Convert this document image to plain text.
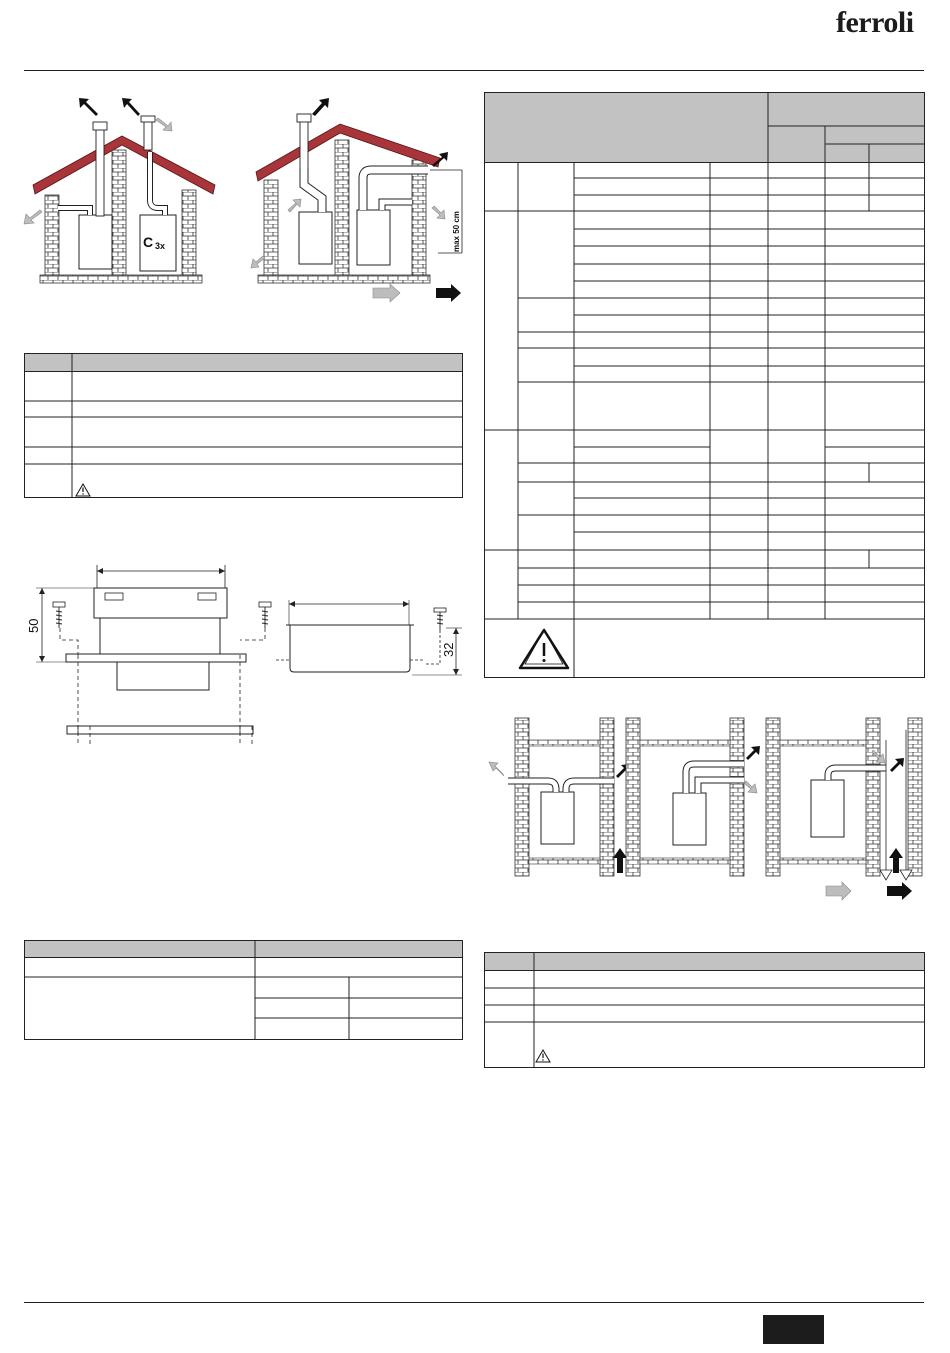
ferroli
C 3x	max 50 cm
50
32
